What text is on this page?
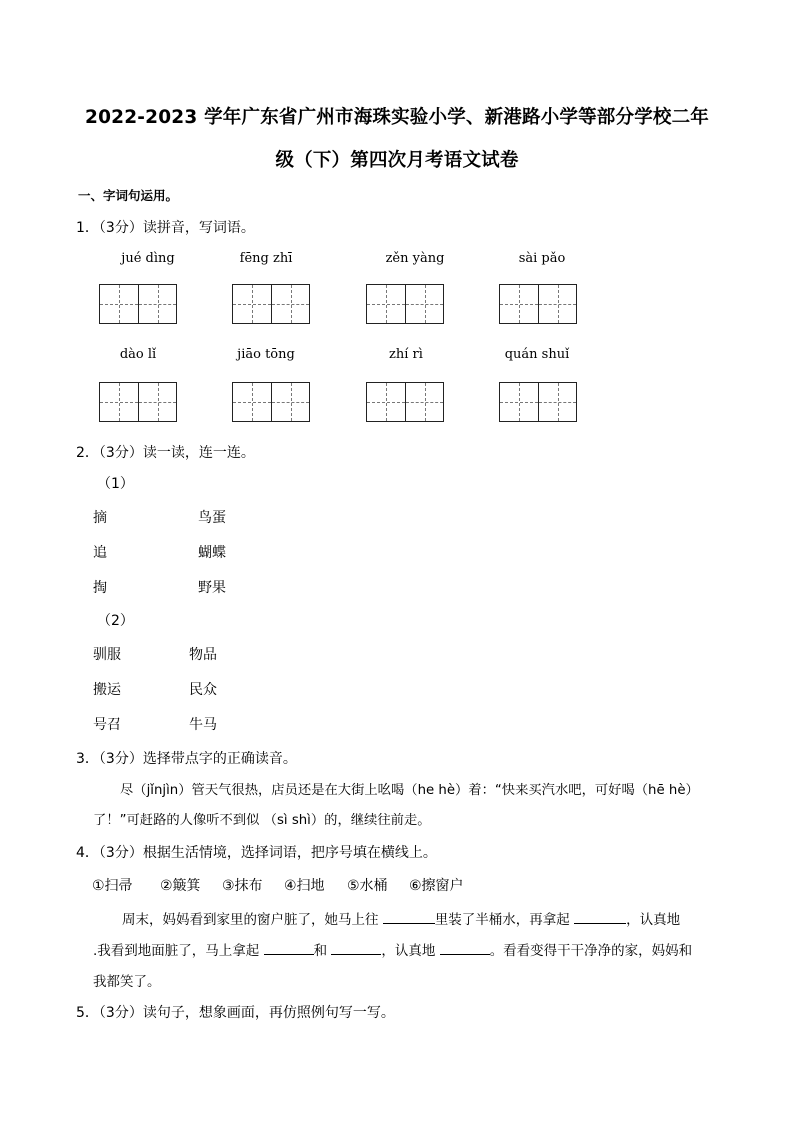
2022-2023 学年广东省广州市海珠实验小学、新港路小学等部分学校二年
级（下）第四次月考语文试卷
一、字词句运用。
1．（3分）读拼音，写词语。
jué dìng	fēng zhī	zěn yàng	sài pǎo
dào lǐ	jiāo tōng	zhí rì	quán shuǐ
2．（3分）读一读，连一连。
（1）
摘	鸟蛋
追	蝴蝶
掏	野果
（2）
驯服	物品
搬运	民众
号召	牛马
3．（3分）选择带点字的正确读音。
尽（jǐnjìn）管天气很热，店员还是在大街上吆喝（he hè）着：“快来买汽水吧，可好喝（hē hè）
了！”可赶路的人像听不到似 （sì shì）的，继续往前走。
4．（3分）根据生活情境，选择词语，把序号填在横线上。
①扫帚 ②簸箕 ③抹布 ④扫地 ⑤水桶 ⑥擦窗户
周末，妈妈看到家里的窗户脏了，她马上往	里装了半桶水，再拿起	，认真地
.我看到地面脏了，马上拿起	和	，认真地	。看看变得干干净净的家，妈妈和
我都笑了。
5．（3分）读句子，想象画面，再仿照例句写一写。
